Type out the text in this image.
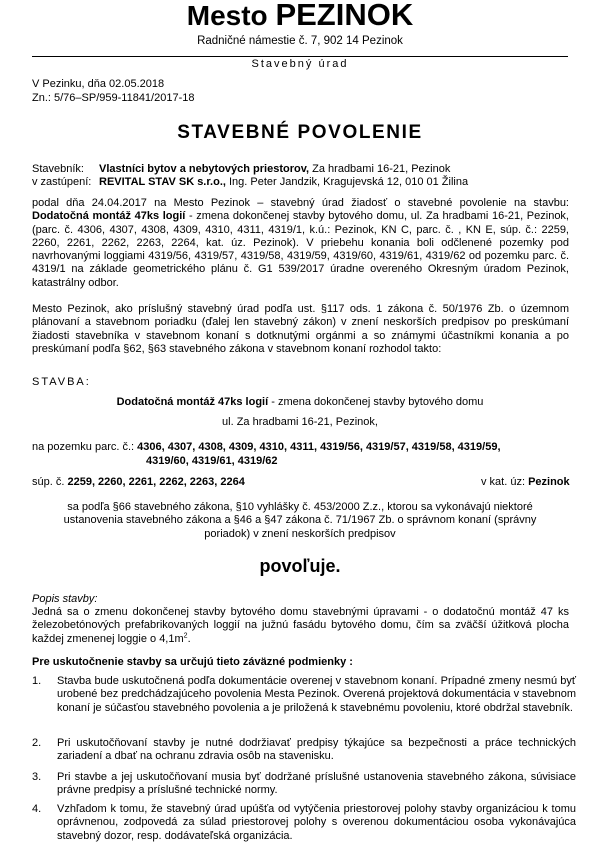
Mesto PEZINOK
Radničné námestie č. 7, 902 14 Pezinok
Stavebný úrad
V Pezinku, dňa 02.05.2018
Zn.: 5/76–SP/959-11841/2017-18
STAVEBNÉ POVOLENIE
Stavebník: Vlastníci bytov a nebytových priestorov, Za hradbami 16-21, Pezinok
v zastúpení: REVITAL STAV SK s.r.o., Ing. Peter Jandzik, Kragujevská 12, 010 01 Žilina
podal dňa 24.04.2017 na Mesto Pezinok – stavebný úrad žiadosť o stavebné povolenie na stavbu: Dodatočná montáž 47ks logií - zmena dokončenej stavby bytového domu, ul. Za hradbami 16-21, Pezinok, (parc. č. 4306, 4307, 4308, 4309, 4310, 4311, 4319/1, k.ú.: Pezinok, KN C, parc. č. , KN E, súp. č.: 2259, 2260, 2261, 2262, 2263, 2264, kat. úz. Pezinok). V priebehu konania boli odčlenené pozemky pod navrhovanými loggiami 4319/56, 4319/57, 4319/58, 4319/59, 4319/60, 4319/61, 4319/62 od pozemku parc. č. 4319/1 na základe geometrického plánu č. G1 539/2017 úradne overeného Okresným úradom Pezinok, katastrálny odbor.
Mesto Pezinok, ako príslušný stavebný úrad podľa ust. §117 ods. 1 zákona č. 50/1976 Zb. o územnom plánovaní a stavebnom poriadku (ďalej len stavebný zákon) v znení neskorších predpisov po preskúmaní žiadosti stavebníka v stavebnom konaní s dotknutými orgánmi a so známymi účastníkmi konania a po preskúmaní podľa §62, §63 stavebného zákona v stavebnom konaní rozhodol takto:
STAVBA:
Dodatočná montáž 47ks logií - zmena dokončenej stavby bytového domu
ul. Za hradbami 16-21, Pezinok,
na pozemku parc. č.: 4306, 4307, 4308, 4309, 4310, 4311, 4319/56, 4319/57, 4319/58, 4319/59,
4319/60, 4319/61, 4319/62
súp. č. 2259, 2260, 2261, 2262, 2263, 2264	v kat. úz: Pezinok
sa podľa §66 stavebného zákona, §10 vyhlášky č. 453/2000 Z.z., ktorou sa vykonávajú niektoré ustanovenia stavebného zákona a §46 a §47 zákona č. 71/1967 Zb. o správnom konaní (správny poriadok) v znení neskorších predpisov
povoľuje.
Popis stavby:
Jedná sa o zmenu dokončenej stavby bytového domu stavebnými úpravami - o dodatočnú montáž 47 ks železobetónových prefabrikovaných loggií na južnú fasádu bytového domu, čím sa zväčší úžitková plocha každej zmenenej loggie o $4,1m^2$.
Pre uskutočnenie stavby sa určujú tieto záväzné podmienky :
1. Stavba bude uskutočnená podľa dokumentácie overenej v stavebnom konaní. Prípadné zmeny nesmú byť urobené bez predchádzajúceho povolenia Mesta Pezinok. Overená projektová dokumentácia v stavebnom konaní je súčasťou stavebného povolenia a je priložená k stavebnému povoleniu, ktoré obdržal stavebník.
2. Pri uskutočňovaní stavby je nutné dodržiavať predpisy týkajúce sa bezpečnosti a práce technických zariadení a dbať na ochranu zdravia osôb na stavenisku.
3. Pri stavbe a jej uskutočňovaní musia byť dodržané príslušné ustanovenia stavebného zákona, súvisiace právne predpisy a príslušné technické normy.
4. Vzhľadom k tomu, že stavebný úrad upúšťa od vytýčenia priestorovej polohy stavby organizáciou k tomu oprávnenou, zodpovedá za súlad priestorovej polohy s overenou dokumentáciou osoba vykonávajúca stavebný dozor, resp. dodávateľská organizácia.
